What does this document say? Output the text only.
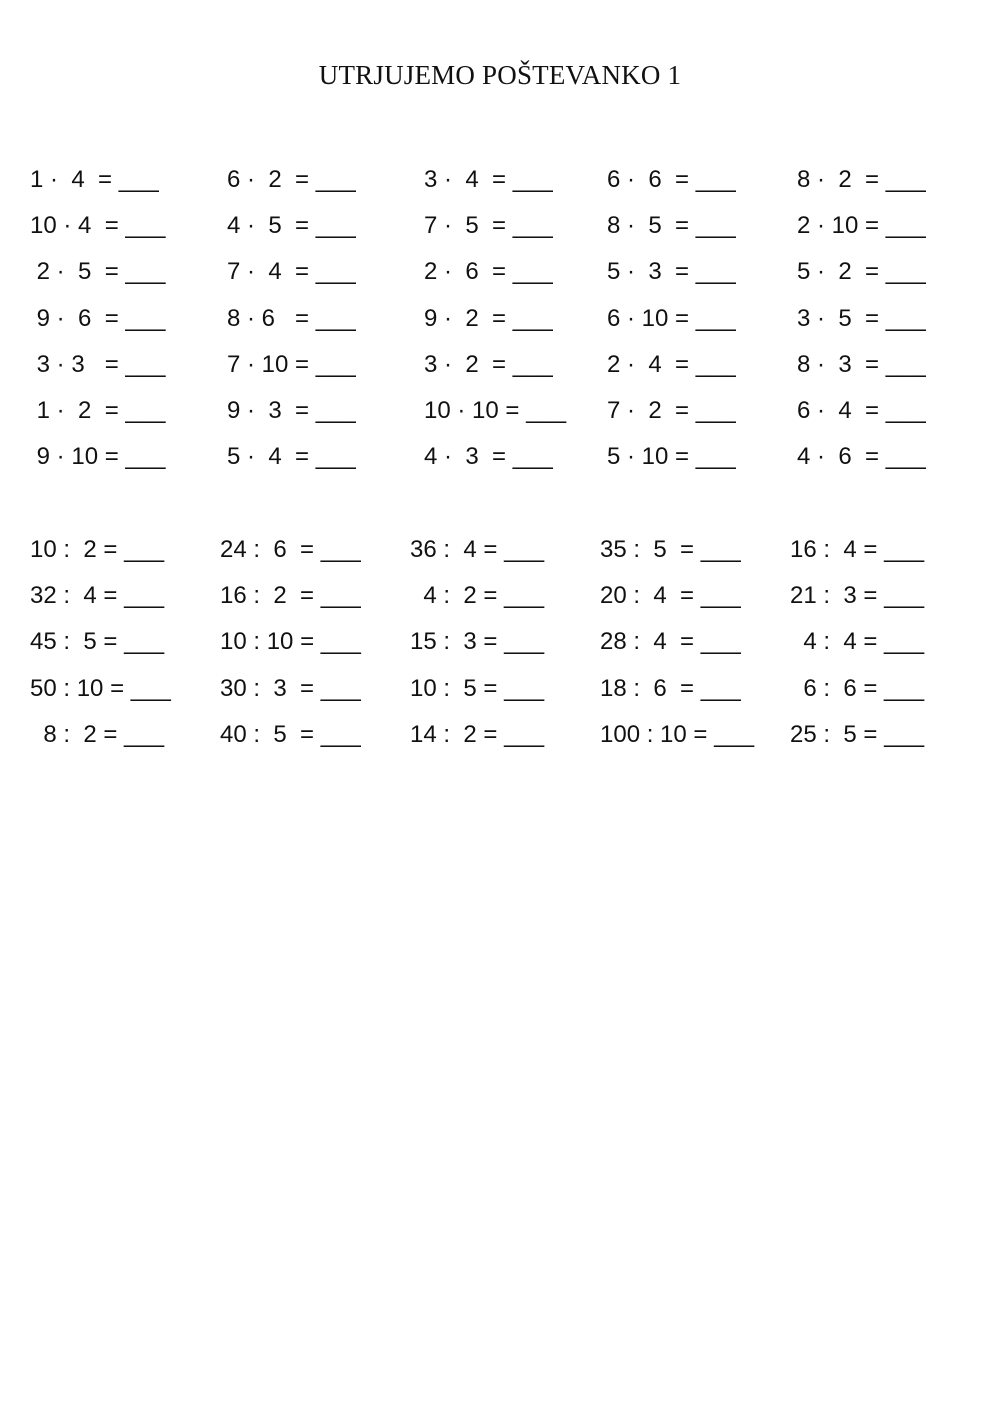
UTRJUJEMO POŠTEVANKO 1
1 ·  4  = ___	6 ·  2  = ___	3 ·  4  = ___ 6 ·  6  = ___	8 ·  2  = ___
10 · 4  = ___	4 ·  5  = ___	7 ·  5  = ___ 8 ·  5  = ___	2 · 10 = ___
2 ·  5  = ___	7 ·  4  = ___	2 ·  6  = ___ 5 ·  3  = ___	5 ·  2  = ___
9 ·  6  = ___	8 · 6   = ___	9 ·  2  = ___ 6 · 10 = ___	3 ·  5  = ___
3 · 3   = ___	7 · 10 = ___	3 ·  2  = ___ 2 ·  4  = ___	8 ·  3  = ___
1 ·  2  = ___	9 ·  3  = ___	10 · 10 = ___ 7 ·  2  = ___	6 ·  4  = ___
9 · 10 = ___	5 ·  4  = ___	4 ·  3  = ___ 5 · 10 = ___	4 ·  6  = ___
10 :  2 = ___ 24 :  6  = ___ 36 :  4 = ___ 35 :  5  = ___ 16 :  4 = ___
32 :  4 = ___ 16 :  2  = ___ 4 :  2 = ___ 20 :  4  = ___ 21 :  3 = ___
45 :  5 = ___ 10 : 10 = ___ 15 :  3 = ___ 28 :  4  = ___ 4 :  4 = ___
50 : 10 = ___ 30 :  3  = ___ 10 :  5 = ___ 18 :  6  = ___ 6 :  6 = ___
8 :  2 = ___ 40 :  5  = ___ 14 :  2 = ___ 100 : 10 = ___ 25 :  5 = ___
